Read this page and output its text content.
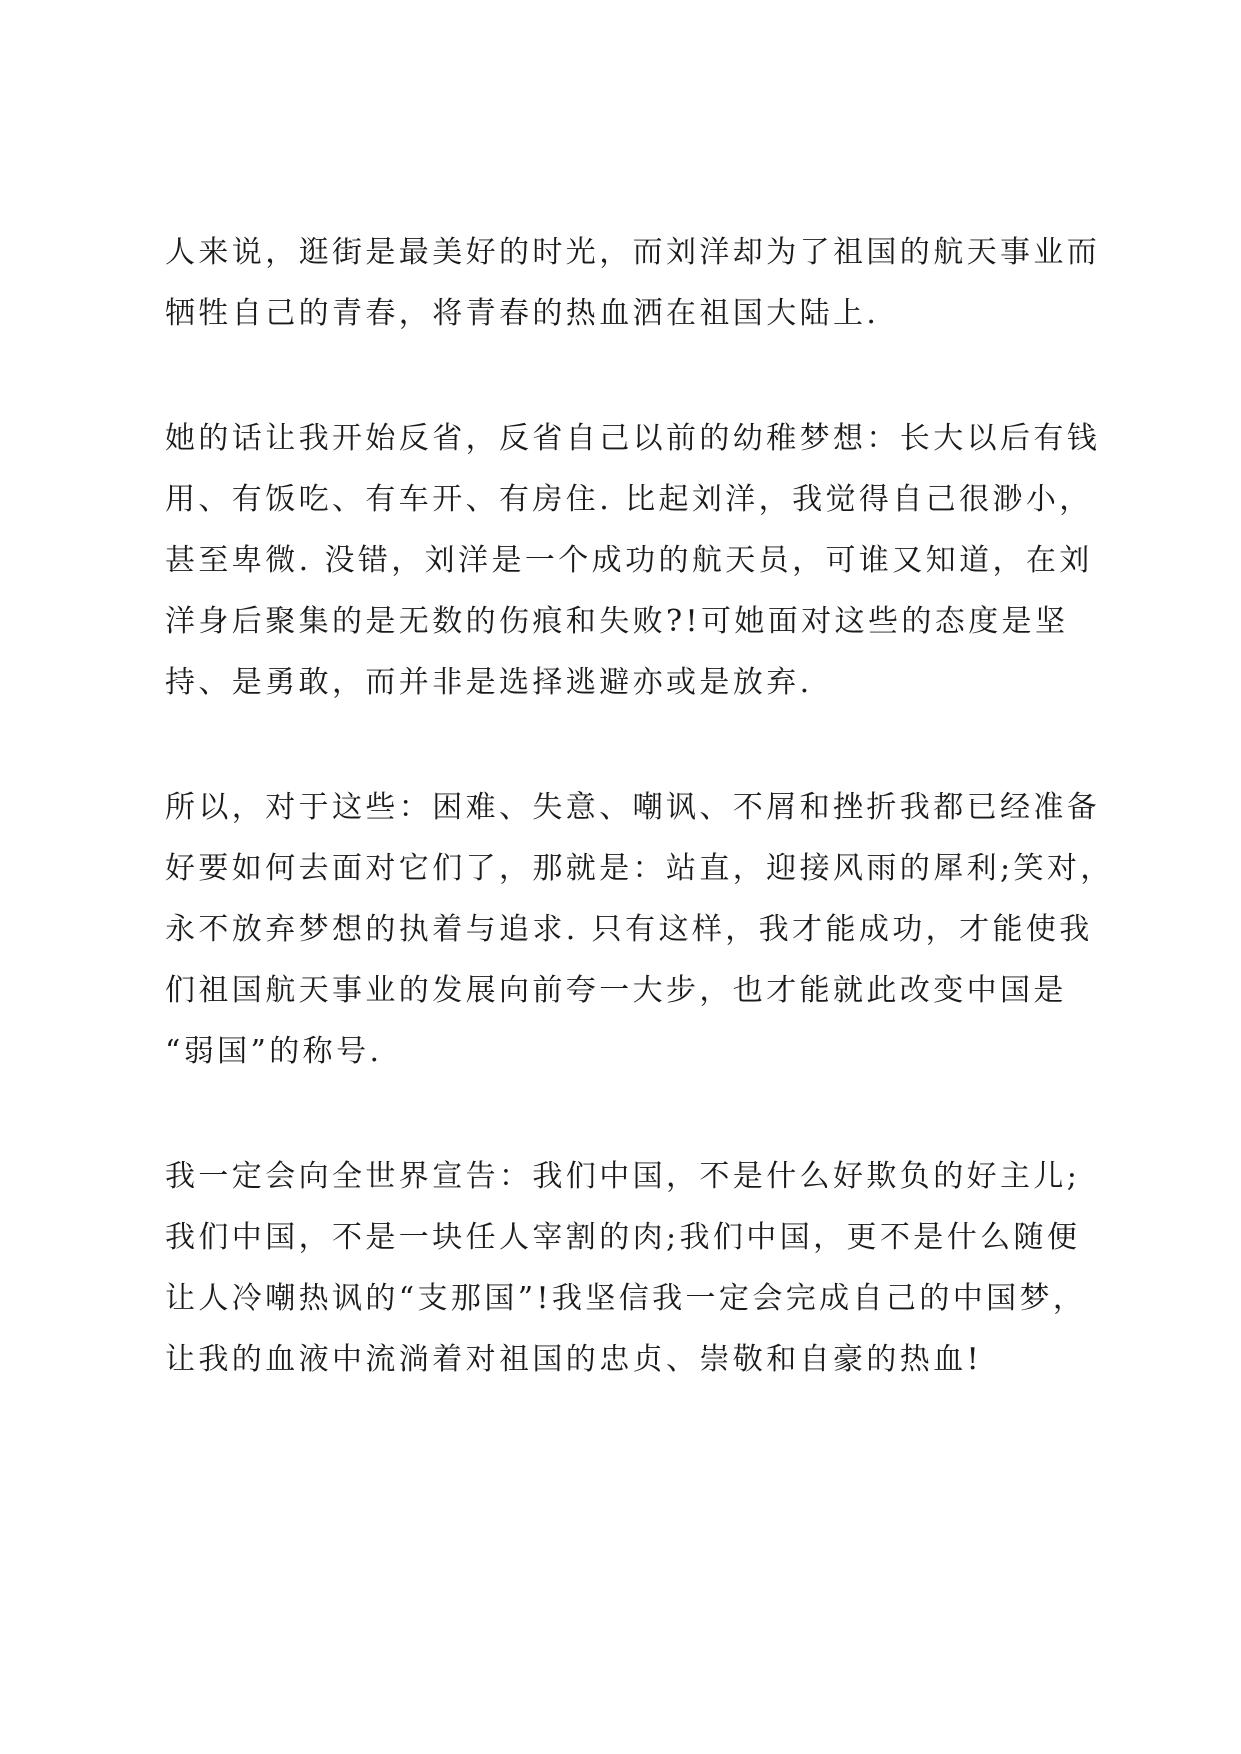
人来说，逛街是最美好的时光，而刘洋却为了祖国的航天事业而
牺牲自己的青春，将青春的热血洒在祖国大陆上.

她的话让我开始反省，反省自己以前的幼稚梦想：长大以后有钱
用、有饭吃、有车开、有房住. 比起刘洋，我觉得自己很渺小，
甚至卑微. 没错，刘洋是一个成功的航天员，可谁又知道，在刘
洋身后聚集的是无数的伤痕和失败?!可她面对这些的态度是坚
持、是勇敢，而并非是选择逃避亦或是放弃.

所以，对于这些：困难、失意、嘲讽、不屑和挫折我都已经准备
好要如何去面对它们了，那就是：站直，迎接风雨的犀利;笑对，
永不放弃梦想的执着与追求. 只有这样，我才能成功，才能使我
们祖国航天事业的发展向前夸一大步，也才能就此改变中国是
“弱国”的称号.

我一定会向全世界宣告：我们中国，不是什么好欺负的好主儿;
我们中国，不是一块任人宰割的肉;我们中国，更不是什么随便
让人冷嘲热讽的“支那国”!我坚信我一定会完成自己的中国梦，
让我的血液中流淌着对祖国的忠贞、崇敬和自豪的热血!
